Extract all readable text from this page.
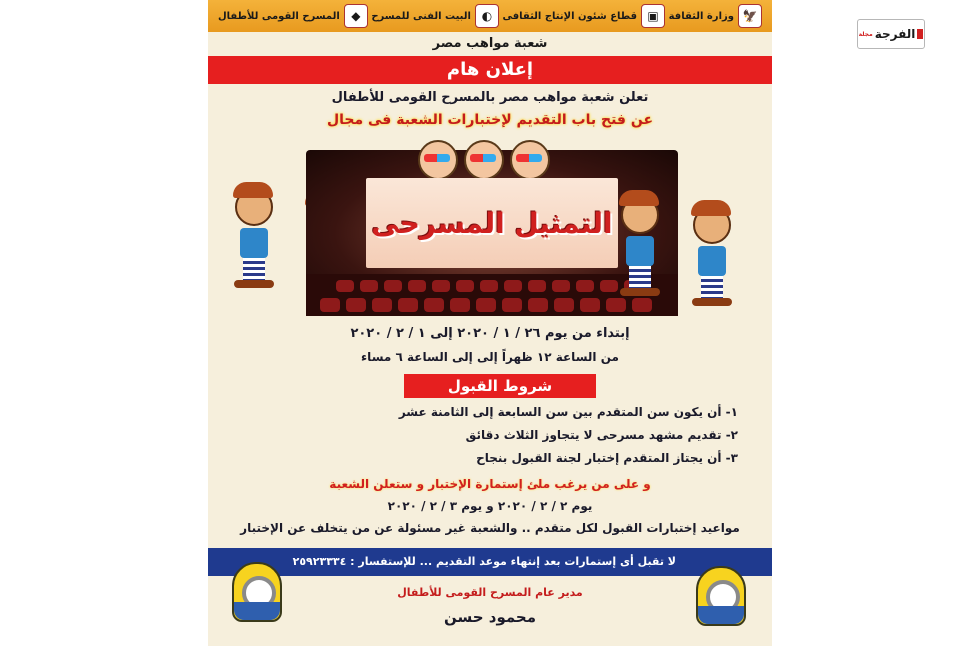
الفرجة
مجلة
🦅
وزارة الثقافة
▣
قطاع شئون الإنتاج الثقافى
◐
البيت الفنى للمسرح
◆
المسرح القومى للأطفال
شعبة مواهب مصر
إعلان هام
تعلن شعبة مواهب مصر بالمسرح القومى للأطفال
عن فتح باب التقديم لإختبارات الشعبة فى مجال
التمثيل المسرحى
إبتداء من يوم ٢٦ / ١ / ٢٠٢٠ إلى ١ / ٢ / ٢٠٢٠
من الساعة ١٢ ظهراً إلى إلى الساعة ٦ مساء
شروط القبول
١- أن يكون سن المتقدم بين سن السابعة إلى الثامنة عشر
٢- تقديم مشهد مسرحى لا يتجاوز الثلاث دقائق
٣- أن يجتاز المتقدم إختبار لجنة القبول بنجاح
و على من يرغب ملئ إستمارة الإختبار و ستعلن الشعبة
يوم ٢ / ٢ / ٢٠٢٠ و يوم ٣ / ٢ / ٢٠٢٠
مواعيد إختبارات القبول لكل متقدم .. والشعبة غير مسئولة عن من يتخلف عن الإختبار
لا تقبل أى إستمارات بعد إنتهاء موعد التقديم ... للإستفسار : ٢٥٩٢٣٣٣٤
مدير عام المسرح القومى للأطفال
محمود حسن
